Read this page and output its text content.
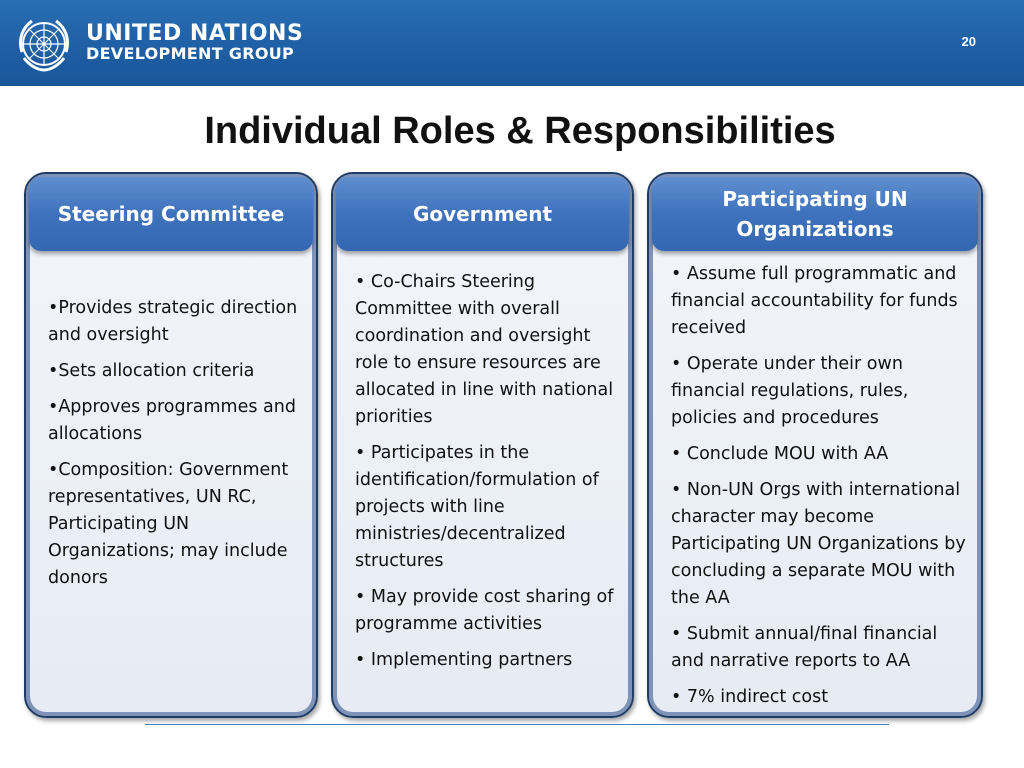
UNITED NATIONS
DEVELOPMENT GROUP
20
Individual Roles & Responsibilities
Steering Committee
•Provides strategic direction and oversight
•Sets allocation criteria
•Approves programmes and allocations
•Composition: Government representatives, UN RC, Participating UN Organizations; may include donors
Government
• Co-Chairs Steering Committee with overall coordination and oversight role to ensure resources are allocated in line with national priorities
• Participates in the identification/formulation of projects with line ministries/decentralized structures
• May provide cost sharing of programme activities
• Implementing partners
Participating UN
Organizations
• Assume full programmatic and financial accountability for funds received
• Operate under their own financial regulations, rules, policies and procedures
• Conclude MOU with AA
• Non-UN Orgs with international character may become Participating UN Organizations by concluding a separate MOU with the AA
• Submit annual/final financial and narrative reports to AA
• 7% indirect cost
